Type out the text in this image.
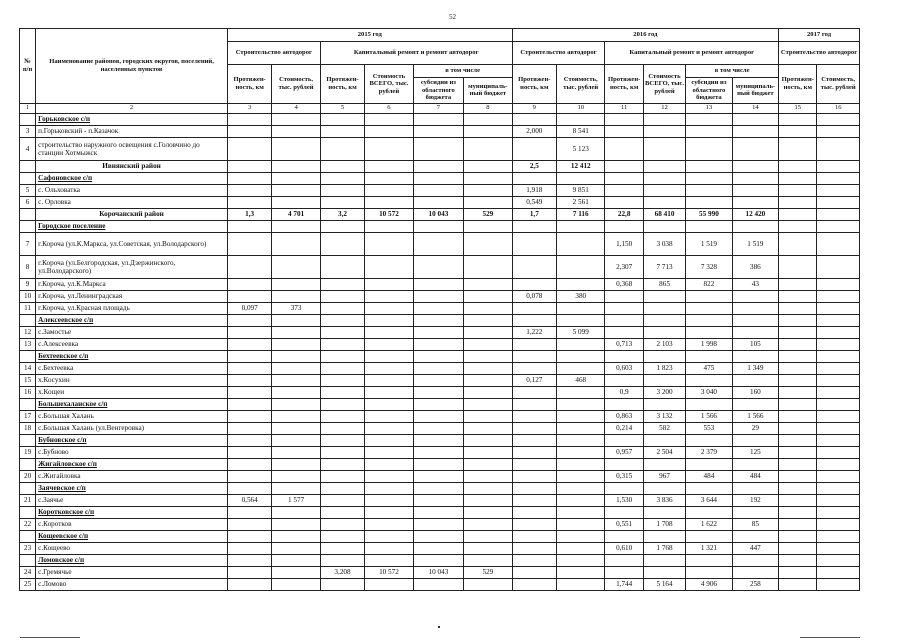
52
№ п/п	Наименование районов, городских округов, поселений, населенных пунктов	2015 год						2016 год						2017 год	
		Строительство автодорог		Капитальный ремонт и ремонт автодорог				Строительство автодорог		Капитальный ремонт и ремонт автодорог				Строительство автодорог	
		Протяжен-ность, км	Стоимость, тыс. рублей	Протяжен-ность, км	Стоимость ВСЕГО, тыс. рублей	в том числе		Протяжен-ность, км	Стоимость, тыс. рублей	Протяжен-ность, км	Стоимость ВСЕГО, тыс. рублей	в том числе		Протяжен-ность, км	Стоимость, тыс. рублей
						субсидии из областного бюджета	муниципаль-ный бюджет					субсидии из областного бюджета	муниципаль-ный бюджет		
1	2	3	4	5	6	7	8	9	10	11	12	13	14	15	16
	Горьковское с/п														
3	п.Горьковский - п.Казачок							2,000	8 541						
4	строительство наружного освещения с.Головчино до станции Хотмыжск								5 123						
	Ивнянский район							2,5	12 412						
	Сафоновское с/п														
5	с. Ольховатка							1,918	9 851						
6	с. Орловка							0,549	2 561						
	Корочанский район	1,3	4 701	3,2	10 572	10 043	529	1,7	7 116	22,8	68 410	55 990	12 420		
	Городское поселение														
7	г.Короча (ул.К.Маркса, ул.Советская, ул.Володарского)									1,150	3 038	1 519	1 519		
8	г.Короча (ул.Белгородская, ул.Дзержинского, ул.Володарского)									2,307	7 713	7 328	386		
9	г.Короча, ул.К.Маркса									0,368	865	822	43		
10	г.Короча, ул.Ленинградская							0,078	380						
11	г.Короча, ул.Красная площадь	0,097	373												
	Алексеевское с/п														
12	с.Замостье							1,222	5 099						
13	с.Алексеевка									0,713	2 103	1 998	105		
	Бехтеевское с/п														
14	с.Бехтеевка									0,603	1 823	475	1 349		
15	х.Косухин							0,127	468						
16	х.Кощеи									0,9	3 200	3 040	160		
	Большехаланское с/п														
17	с.Большая Халань									0,863	3 132	1 566	1 566		
18	с.Большая Халань (ул.Венгеровка)									0,214	582	553	29		
	Бубновское с/п														
19	с.Бубново									0,957	2 504	2 379	125		
	Жигайловское с/п														
20	с.Жигайловка									0,315	967	484	484		
	Заячевское с/п														
21	с.Заячье	0,564	1 577							1,530	3 836	3 644	192		
	Коротковское с/п														
22	с.Коротков									0,551	1 708	1 622	85		
	Кощеевское с/п														
23	с.Кощеево									0,610	1 768	1 321	447		
	Ломовское с/п														
24	с.Гремячье			3,208	10 572	10 043	529								
25	с.Ломово									1,744	5 164	4 906	258		
